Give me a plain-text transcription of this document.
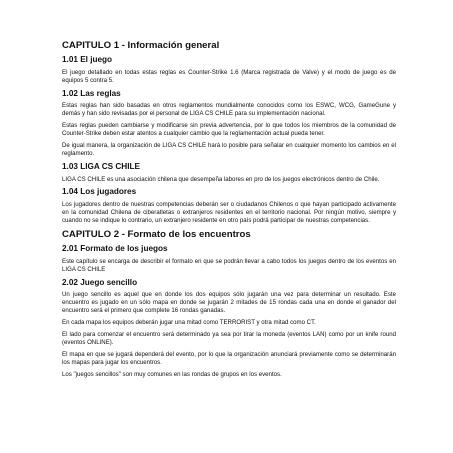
CAPITULO 1 - Información general
1.01 El juego

El juego detallado en todas estas reglas es Counter-Strike 1.6 (Marca registrada de Valve) y el modo de juego es de equipos 5 contra 5.

1.02 Las reglas

Estas reglas han sido basadas en otros reglamentos mundialmente conocidos como los ESWC, WCG, GameGune y demás y han sido revisadas por el personal de LIGA CS CHILE para su implementación nacional.

Estas reglas pueden cambiarse y modificarse sin previa advertencia, por lo que todos los miembros de la comunidad de Counter-Strike deben estar atentos a cualquier cambio que la reglamentación actual pueda tener.

De igual manera, la organización de LIGA CS CHILE hará lo posible para señalar en cualquier momento los cambios en el reglamento.

1.03 LIGA CS CHILE

LIGA CS CHILE es una asociación chilena que desempeña labores en pro de los juegos electrónicos dentro de Chile.

1.04 Los jugadores

Los jugadores dentro de nuestras competencias deberán ser o ciudadanos Chilenos o que hayan participado activamente en la comunidad Chilena de ciberatletas o extranjeros residentes en el territorio nacional. Por ningún motivo, siempre y cuando no se indique lo contrario, un extranjero residente en otro país podrá participar de nuestras competencias.

CAPITULO 2 - Formato de los encuentros
2.01 Formato de los juegos

Este capítulo se encarga de describir el formato en que se podrán llevar a cabo todos los juegos dentro de los eventos en LIGA CS CHILE

2.02 Juego sencillo

Un juego sencillo es aquel que en donde los dos equipos sólo jugarán una vez para determinar un resultado. Este encuentro es jugado en un sólo mapa en donde se jugarán 2 mitades de 15 rondas cada una en donde el ganador del encuentro será el primero que complete 16 rondas ganadas.

En cada mapa los equipos deberán jugar una mitad como TERRORIST y otra mitad como CT.

El lado para comenzar el encuentro será determinado ya sea por tirar la moneda (eventos LAN) como por un knife round (eventos ONLINE).

El mapa en que se jugará dependerá del evento, por lo que la organización anunciará previamente como se determinarán los mapas para jugar los encuentros.

Los "juegos sencillos" son muy comunes en las rondas de grupos en los eventos.
